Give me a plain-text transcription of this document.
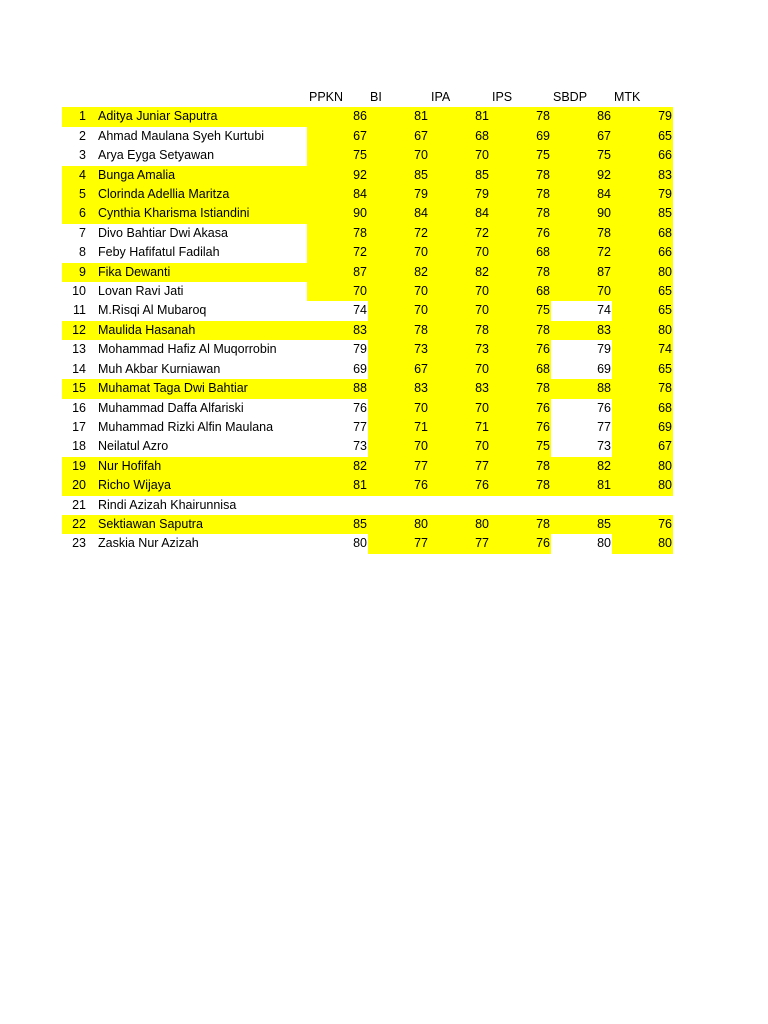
		PPKN	BI	IPA	IPS	SBDP	MTK
1	Aditya Juniar Saputra	86	81	81	78	86	79
2	Ahmad Maulana Syeh Kurtubi	67	67	68	69	67	65
3	Arya Eyga Setyawan	75	70	70	75	75	66
4	Bunga Amalia	92	85	85	78	92	83
5	Clorinda Adellia Maritza	84	79	79	78	84	79
6	Cynthia Kharisma Istiandini	90	84	84	78	90	85
7	Divo Bahtiar Dwi Akasa	78	72	72	76	78	68
8	Feby Hafifatul Fadilah	72	70	70	68	72	66
9	Fika Dewanti	87	82	82	78	87	80
10	Lovan Ravi Jati	70	70	70	68	70	65
11	M.Risqi Al Mubaroq	74	70	70	75	74	65
12	Maulida Hasanah	83	78	78	78	83	80
13	Mohammad Hafiz Al Muqorrobin	79	73	73	76	79	74
14	Muh Akbar Kurniawan	69	67	70	68	69	65
15	Muhamat Taga Dwi Bahtiar	88	83	83	78	88	78
16	Muhammad Daffa Alfariski	76	70	70	76	76	68
17	Muhammad Rizki Alfin Maulana	77	71	71	76	77	69
18	Neilatul Azro	73	70	70	75	73	67
19	Nur Hofifah	82	77	77	78	82	80
20	Richo Wijaya	81	76	76	78	81	80
21	Rindi Azizah Khairunnisa						
22	Sektiawan Saputra	85	80	80	78	85	76
23	Zaskia Nur Azizah	80	77	77	76	80	80
